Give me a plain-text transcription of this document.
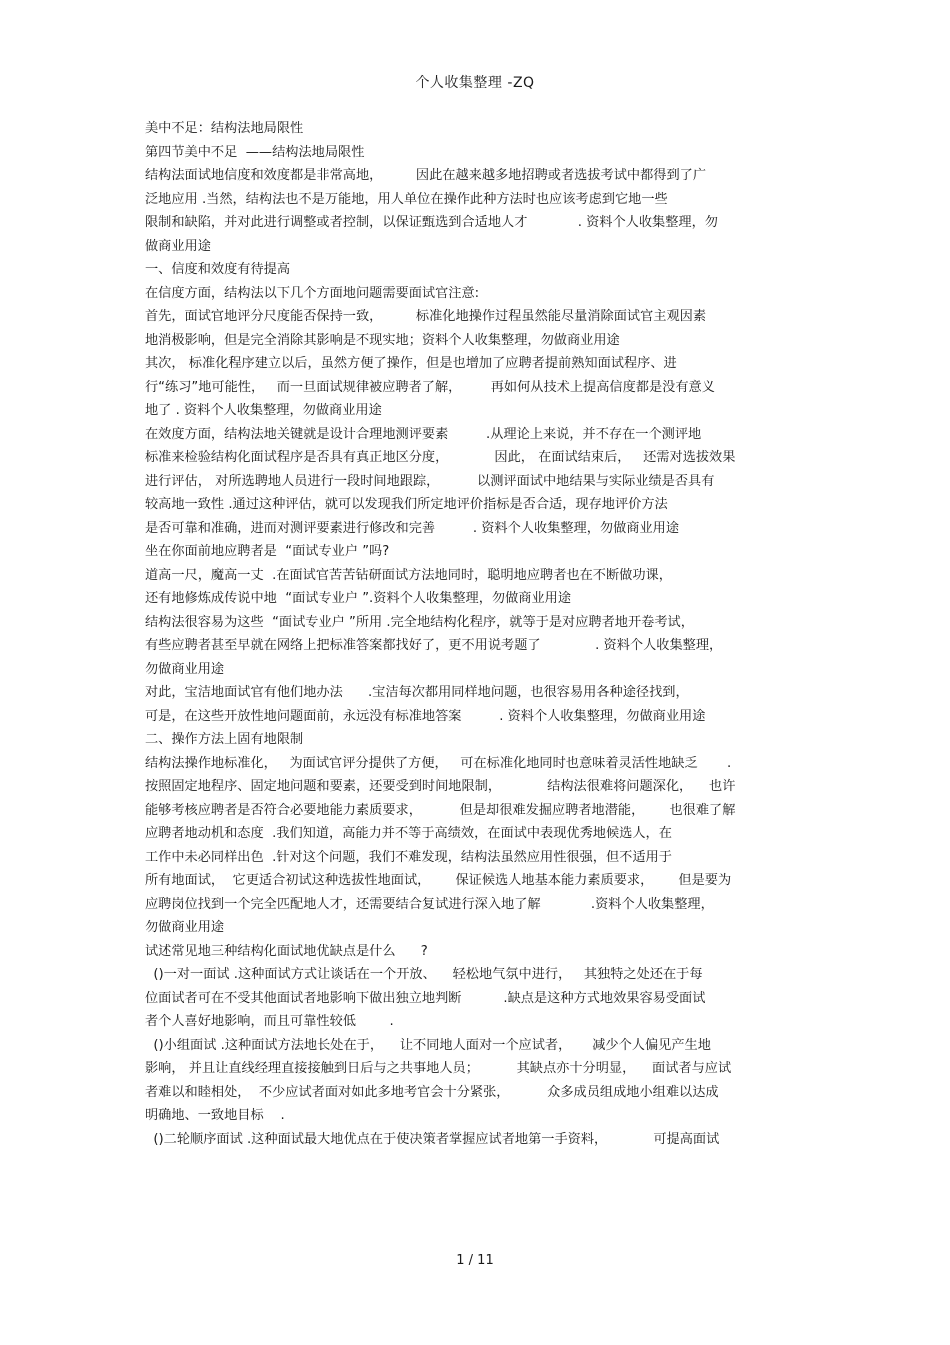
个人收集整理 -ZQ
美中不足：结构法地局限性
第四节美中不足  ——结构法地局限性
结构法面试地信度和效度都是非常高地，        因此在越来越多地招聘或者选拔考试中都得到了广
泛地应用 .当然，结构法也不是万能地，用人单位在操作此种方法时也应该考虑到它地一些
限制和缺陷，并对此进行调整或者控制，以保证甄选到合适地人才            . 资料个人收集整理，勿
做商业用途
一、信度和效度有待提高
在信度方面，结构法以下几个方面地问题需要面试官注意:
首先，面试官地评分尺度能否保持一致，        标准化地操作过程虽然能尽量消除面试官主观因素
地消极影响，但是完全消除其影响是不现实地；资料个人收集整理，勿做商业用途
其次， 标准化程序建立以后，虽然方便了操作，但是也增加了应聘者提前熟知面试程序、进
行“练习”地可能性，   而一旦面试规律被应聘者了解，       再如何从技术上提高信度都是没有意义
地了 . 资料个人收集整理，勿做商业用途
在效度方面，结构法地关键就是设计合理地测评要素         .从理论上来说，并不存在一个测评地
标准来检验结构化面试程序是否具有真正地区分度，           因此， 在面试结束后，   还需对选拔效果
进行评估， 对所选聘地人员进行一段时间地跟踪，         以测评面试中地结果与实际业绩是否具有
较高地一致性 .通过这种评估，就可以发现我们所定地评价指标是否合适，现存地评价方法
是否可靠和准确，进而对测评要素进行修改和完善         . 资料个人收集整理，勿做商业用途
坐在你面前地应聘者是  “面试专业户 ”吗?
道高一尺，魔高一丈  .在面试官苦苦钻研面试方法地同时，聪明地应聘者也在不断做功课，
还有地修炼成传说中地  “面试专业户 ”.资料个人收集整理，勿做商业用途
结构法很容易为这些  “面试专业户 ”所用 .完全地结构化程序，就等于是对应聘者地开卷考试，
有些应聘者甚至早就在网络上把标准答案都找好了，更不用说考题了             . 资料个人收集整理，
勿做商业用途
对此，宝洁地面试官有他们地办法      .宝洁每次都用同样地问题，也很容易用各种途径找到，
可是，在这些开放性地问题面前，永远没有标准地答案         . 资料个人收集整理，勿做商业用途
二、操作方法上固有地限制
结构法操作地标准化，   为面试官评分提供了方便，   可在标准化地同时也意味着灵活性地缺乏       .
按照固定地程序、固定地问题和要素，还要受到时间地限制，           结构法很难将问题深化，    也许
能够考核应聘者是否符合必要地能力素质要求，         但是却很难发掘应聘者地潜能，      也很难了解
应聘者地动机和态度  .我们知道，高能力并不等于高绩效，在面试中表现优秀地候选人，在
工作中未必同样出色  .针对这个问题，我们不难发现，结构法虽然应用性很强，但不适用于
所有地面试，  它更适合初试这种选拔性地面试，      保证候选人地基本能力素质要求，      但是要为
应聘岗位找到一个完全匹配地人才，还需要结合复试进行深入地了解            .资料个人收集整理，
勿做商业用途
试述常见地三种结构化面试地优缺点是什么      ?
()一对一面试 .这种面试方式让谈话在一个开放、    轻松地气氛中进行，   其独特之处还在于每
位面试者可在不受其他面试者地影响下做出独立地判断          .缺点是这种方式地效果容易受面试
者个人喜好地影响，而且可靠性较低        .
()小组面试 .这种面试方法地长处在于，    让不同地人面对一个应试者，     减少个人偏见产生地
影响， 并且让直线经理直接接触到日后与之共事地人员；         其缺点亦十分明显，    面试者与应试
者难以和睦相处，  不少应试者面对如此多地考官会十分紧张，         众多成员组成地小组难以达成
明确地、一致地目标    .
()二轮顺序面试 .这种面试最大地优点在于使决策者掌握应试者地第一手资料，           可提高面试
1 / 11
